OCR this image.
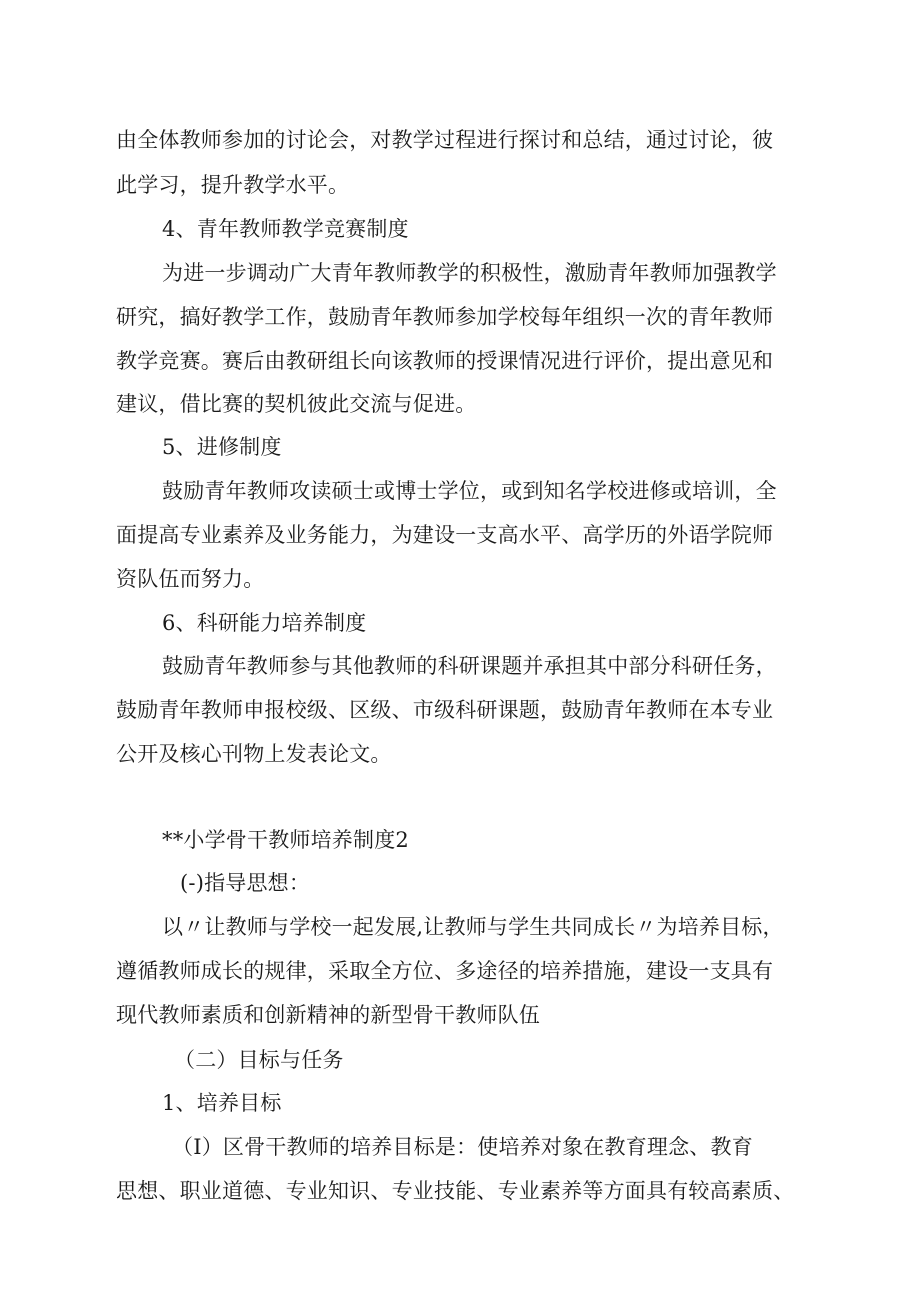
由全体教师参加的讨论会，对教学过程进行探讨和总结，通过讨论，彼
此学习，提升教学水平。
4、青年教师教学竞赛制度
为进一步调动广大青年教师教学的积极性，激励青年教师加强教学
研究，搞好教学工作，鼓励青年教师参加学校每年组织一次的青年教师
教学竞赛。赛后由教研组长向该教师的授课情况进行评价，提出意见和
建议，借比赛的契机彼此交流与促进。
5、进修制度
鼓励青年教师攻读硕士或博士学位，或到知名学校进修或培训，全
面提高专业素养及业务能力，为建设一支高水平、高学历的外语学院师
资队伍而努力。
6、科研能力培养制度
鼓励青年教师参与其他教师的科研课题并承担其中部分科研任务，
鼓励青年教师申报校级、区级、市级科研课题，鼓励青年教师在本专业
公开及核心刊物上发表论文。
**小学骨干教师培养制度2
(-)指导思想：
以〃让教师与学校一起发展,让教师与学生共同成长〃为培养目标，
遵循教师成长的规律，采取全方位、多途径的培养措施，建设一支具有
现代教师素质和创新精神的新型骨干教师队伍
（二）目标与任务
1、培养目标
（I）区骨干教师的培养目标是：使培养对象在教育理念、教育
思想、职业道德、专业知识、专业技能、专业素养等方面具有较高素质、
